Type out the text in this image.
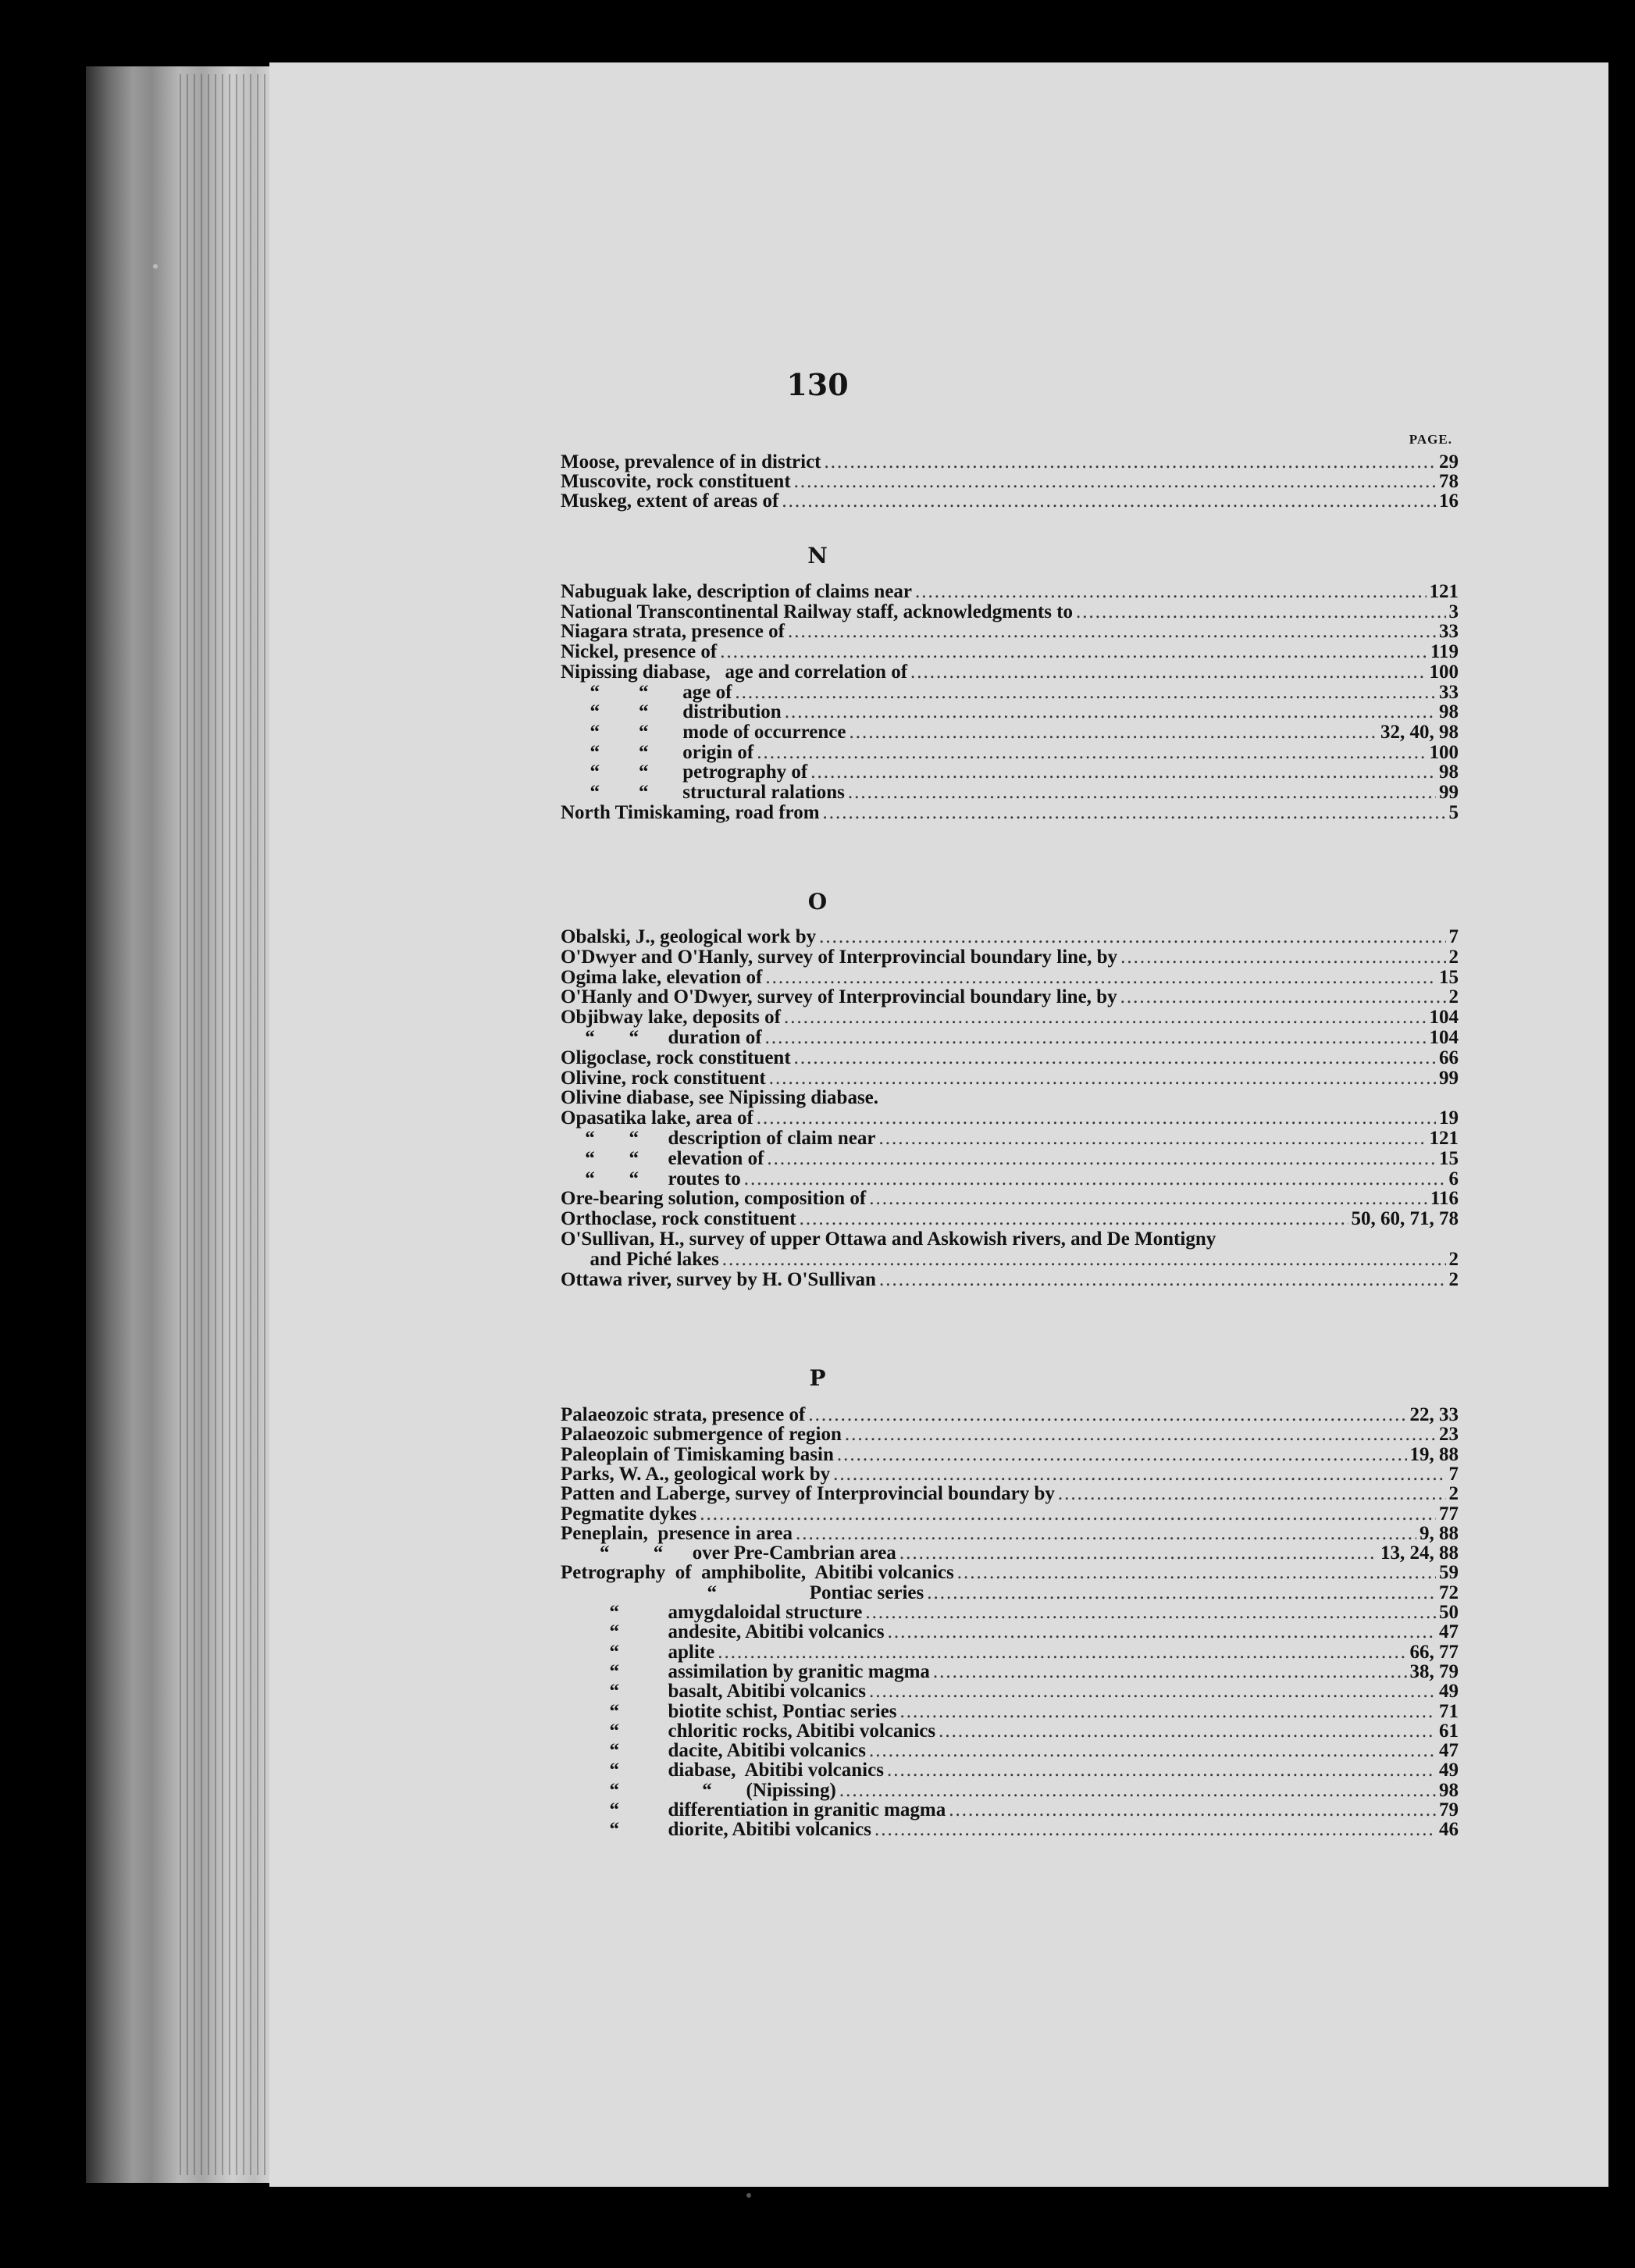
130
PAGE.
Moose, prevalence of in district .....	29
Muscovite, rock constituent .....	78
Muskeg, extent of areas of .....	16
N
Nabuguak lake, description of claims near .....	121
National Transcontinental Railway staff, acknowledgments to .....	3
Niagara strata, presence of .....	33
Nickel, presence of .....	119
Nipissing diabase,   age and correlation of .....	100
“        “       age of .....	33
“        “       distribution .....	98
“        “       mode of occurrence .....	32, 40, 98
“        “       origin of .....	100
“        “       petrography of .....	98
“        “       structural ralations .....	99
North Timiskaming, road from .....	5
O
Obalski, J., geological work by .....	7
O'Dwyer and O'Hanly, survey of Interprovincial boundary line, by .....	2
Ogima lake, elevation of .....	15
O'Hanly and O'Dwyer, survey of Interprovincial boundary line, by .....	2
Objibway lake, deposits of .....	104
“       “      duration of .....	104
Oligoclase, rock constituent .....	66
Olivine, rock constituent .....	99
Olivine diabase, see Nipissing diabase.
Opasatika lake, area of .....	19
“       “      description of claim near .....	121
“       “      elevation of .....	15
“       “      routes to .....	6
Ore-bearing solution, composition of .....	116
Orthoclase, rock constituent .....	50, 60, 71, 78
O'Sullivan, H., survey of upper Ottawa and Askowish rivers, and De Montigny
and Piché lakes .....	2
Ottawa river, survey by H. O'Sullivan .....	2
P
Palaeozoic strata, presence of .....	22, 33
Palaeozoic submergence of region .....	23
Paleoplain of Timiskaming basin .....	19, 88
Parks, W. A., geological work by .....	7
Patten and Laberge, survey of Interprovincial boundary by .....	2
Pegmatite dykes .....	77
Peneplain,  presence in area .....	9, 88
“         “      over Pre-Cambrian area .....	13, 24, 88
Petrography  of  amphibolite,  Abitibi volcanics .....	59
“                   Pontiac series .....	72
“          amygdaloidal structure .....	50
“          andesite, Abitibi volcanics .....	47
“          aplite .....	66, 77
“          assimilation by granitic magma .....	38, 79
“          basalt, Abitibi volcanics .....	49
“          biotite schist, Pontiac series .....	71
“          chloritic rocks, Abitibi volcanics .....	61
“          dacite, Abitibi volcanics .....	47
“          diabase,  Abitibi volcanics .....	49
“                 “       (Nipissing) .....	98
“          differentiation in granitic magma .....	79
“          diorite, Abitibi volcanics .....	46
